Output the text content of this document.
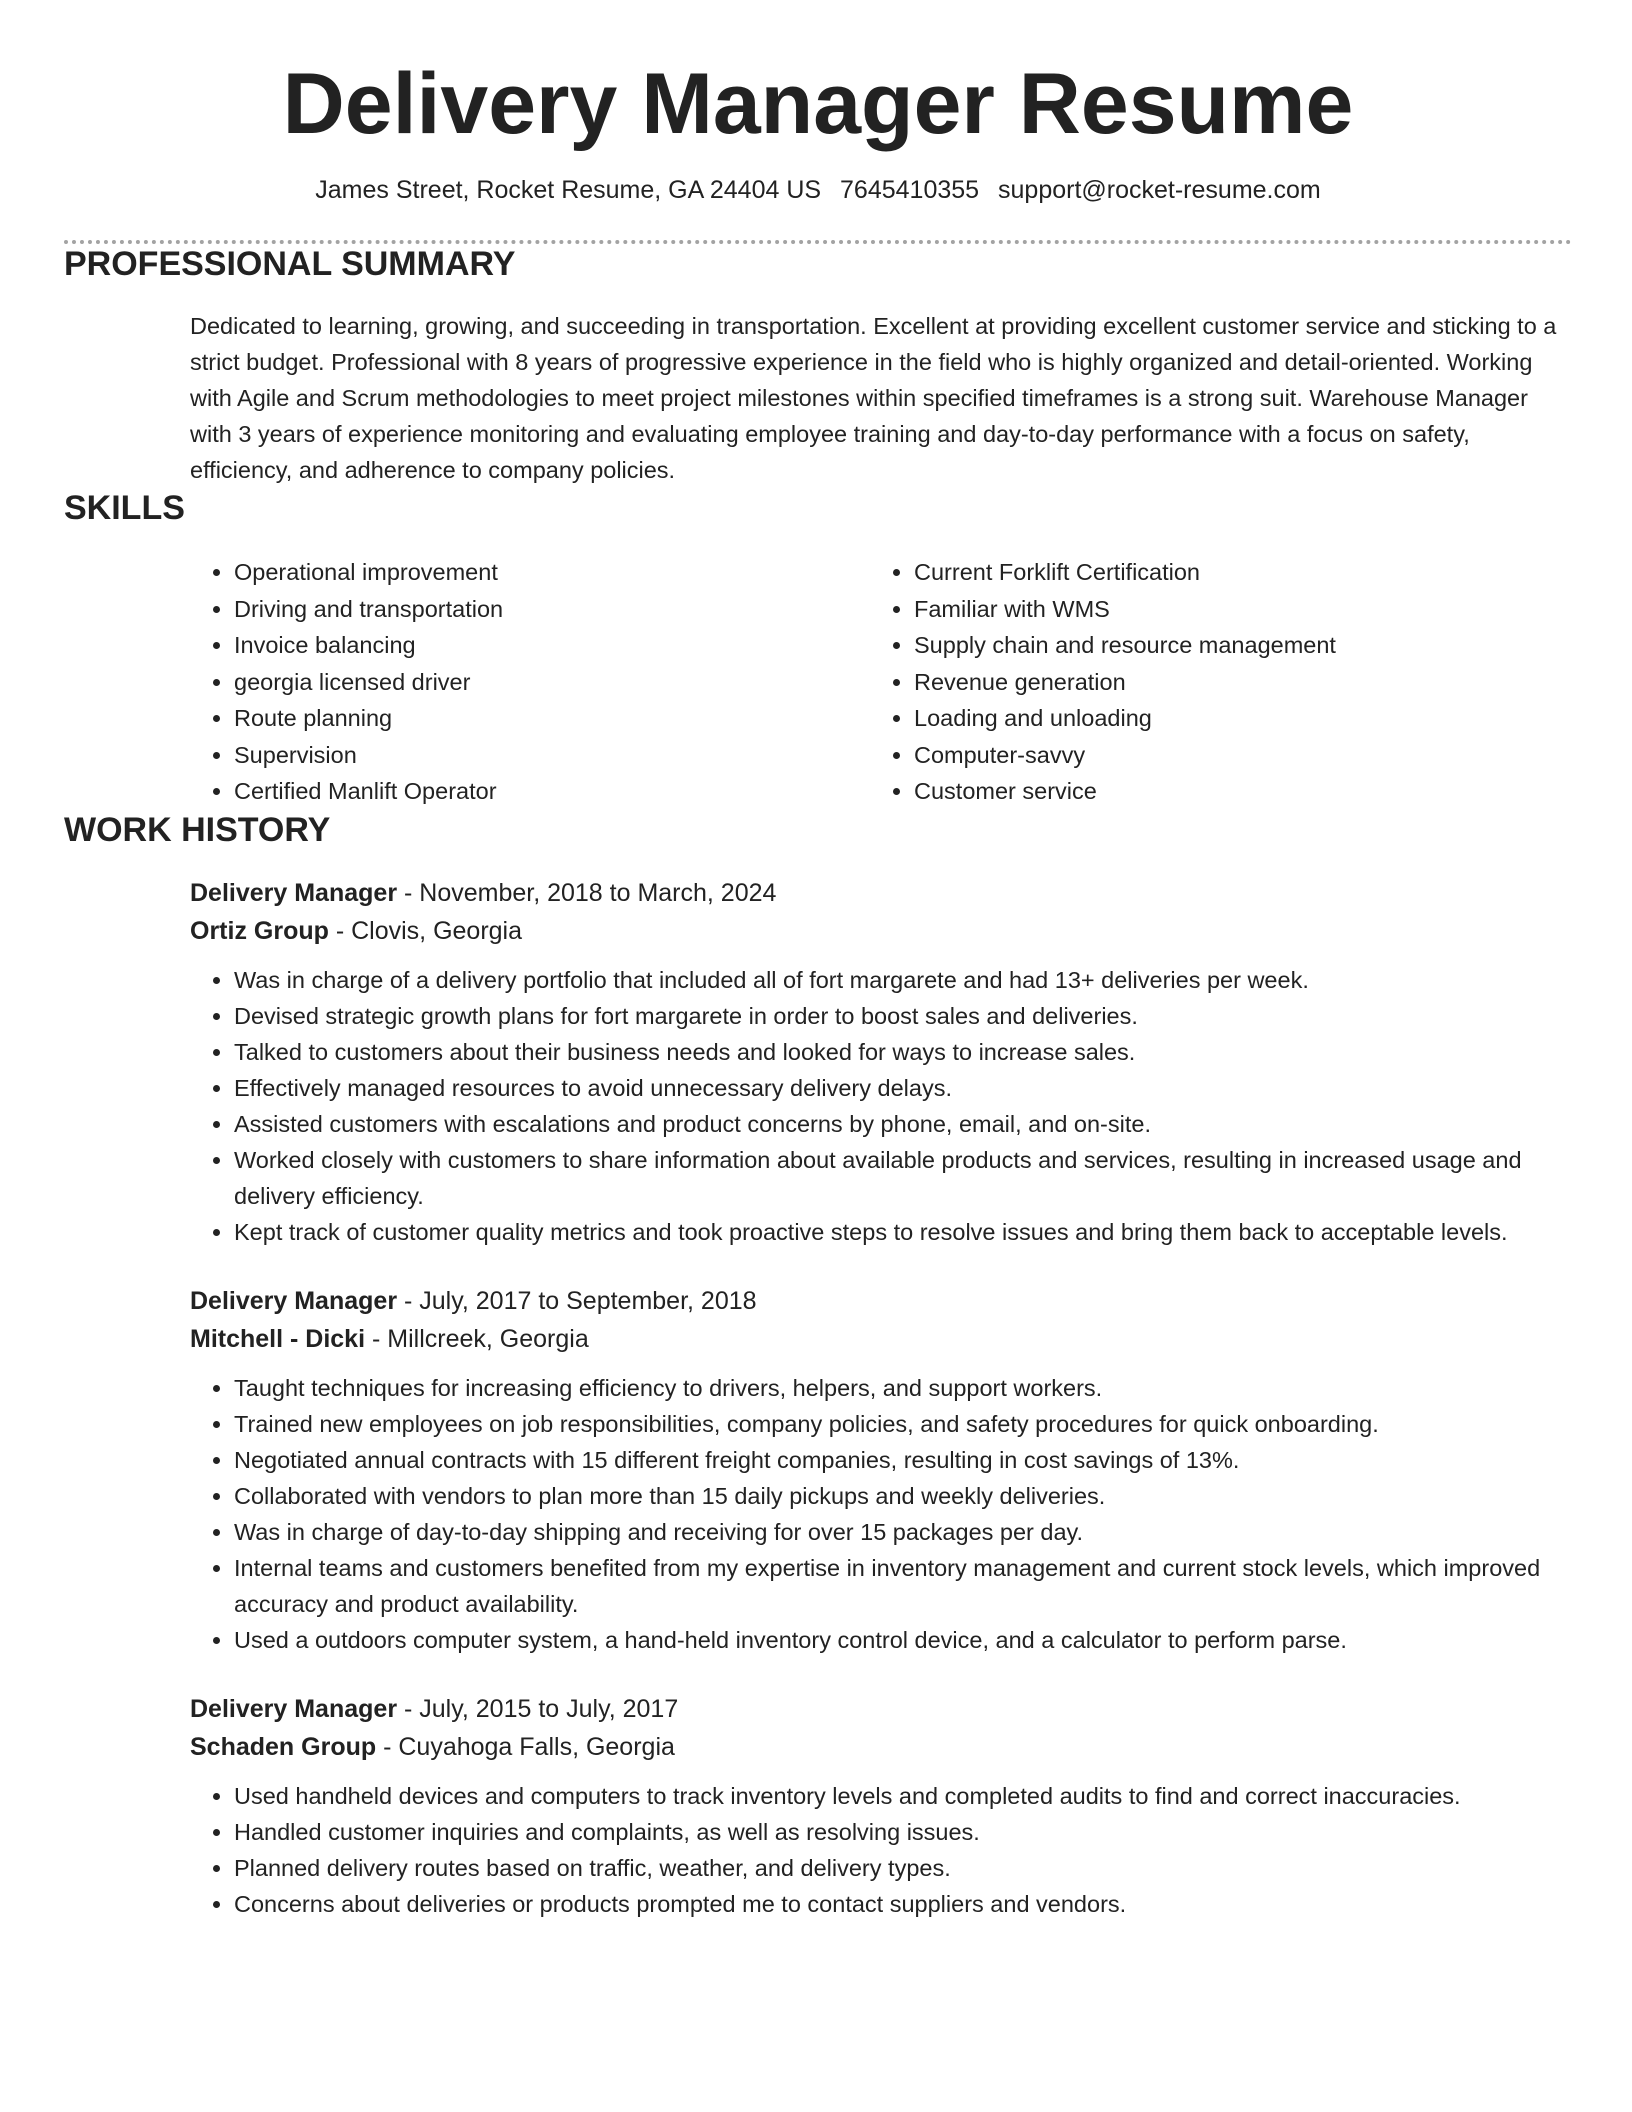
Delivery Manager Resume
James Street, Rocket Resume, GA 24404 US 7645410355 support@rocket-resume.com
PROFESSIONAL SUMMARY

Dedicated to learning, growing, and succeeding in transportation. Excellent at providing excellent customer service and sticking to a strict budget. Professional with 8 years of progressive experience in the field who is highly organized and detail-oriented. Working with Agile and Scrum methodologies to meet project milestones within specified timeframes is a strong suit. Warehouse Manager with 3 years of experience monitoring and evaluating employee training and day-to-day performance with a focus on safety, efficiency, and adherence to company policies.

SKILLS
• Operational improvement
• Driving and transportation
• Invoice balancing
• georgia licensed driver
• Route planning
• Supervision
• Certified Manlift Operator
• Current Forklift Certification
• Familiar with WMS
• Supply chain and resource management
• Revenue generation
• Loading and unloading
• Computer-savvy
• Customer service
WORK HISTORY
Delivery Manager - November, 2018 to March, 2024
Ortiz Group - Clovis, Georgia
• Was in charge of a delivery portfolio that included all of fort margarete and had 13+ deliveries per week.
• Devised strategic growth plans for fort margarete in order to boost sales and deliveries.
• Talked to customers about their business needs and looked for ways to increase sales.
• Effectively managed resources to avoid unnecessary delivery delays.
• Assisted customers with escalations and product concerns by phone, email, and on-site.
• Worked closely with customers to share information about available products and services, resulting in increased usage and delivery efficiency.
• Kept track of customer quality metrics and took proactive steps to resolve issues and bring them back to acceptable levels.
Delivery Manager - July, 2017 to September, 2018
Mitchell - Dicki - Millcreek, Georgia
• Taught techniques for increasing efficiency to drivers, helpers, and support workers.
• Trained new employees on job responsibilities, company policies, and safety procedures for quick onboarding.
• Negotiated annual contracts with 15 different freight companies, resulting in cost savings of 13%.
• Collaborated with vendors to plan more than 15 daily pickups and weekly deliveries.
• Was in charge of day-to-day shipping and receiving for over 15 packages per day.
• Internal teams and customers benefited from my expertise in inventory management and current stock levels, which improved accuracy and product availability.
• Used a outdoors computer system, a hand-held inventory control device, and a calculator to perform parse.
Delivery Manager - July, 2015 to July, 2017
Schaden Group - Cuyahoga Falls, Georgia
• Used handheld devices and computers to track inventory levels and completed audits to find and correct inaccuracies.
• Handled customer inquiries and complaints, as well as resolving issues.
• Planned delivery routes based on traffic, weather, and delivery types.
• Concerns about deliveries or products prompted me to contact suppliers and vendors.
